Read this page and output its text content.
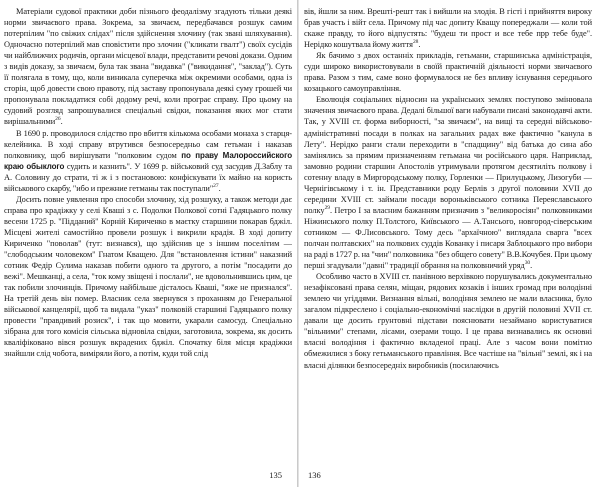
Матеріали судової практики доби пізнього феодалізму згадують тільки деякі норми звичаєвого права. Зокрема, за звичаєм, передбачався розшук самим потерпілим "по свіжих слідах" після здійснення злочину (так звані шляхування). Одночасно потерпілий мав сповістити про злочин ("кликати гвалт") своїх сусідів чи найближчих родичів, органи місцевої влади, представити речові докази. Одним з видів доказу, за звичаєм, була так звана "видавка" ("викидання", "заклад"). Суть її полягала в тому, що, коли виникала суперечка між окремими особами, одна із сторін, щоб довести свою правоту, під заставу пропонувала деякі суму грошей чи пропонувала покладатися собі додому речі, коли програє справу. Про цьому на судовий розгляд запрошувалися спеціальні свідки, показання яких мог стати вирішальними$^{26}$.

В 1690 р. проводилося слідство про вбиття кількома особами монаха з старця-келейника. В ході справу втрутився безпосередньо сам гетьман і наказав полковнику, щоб вирішувати "полковим судом по праву Малороссийского краю обыклого судить и казнить". У 1699 р. військовий суд засудив Д.Заблу та А. Соловину до страти, ті ж і з постановою: конфіскувати їх майно на користь військового скарбу, "ибо и прежние гетманы так поступали"$^{27}$.

Досить повне уявлення про способи злочину, хід розшуку, а також методи дає справа про крадіжку у селі Кваші з с. Подолки Полкової сотні Гадяцького полку весени 1725 р. "Підданий" Корній Кириченко в маєтку старшини покарав бджіл. Місцеві жителі самостійно провели розшук і викрили крадія. В ході допиту Кириченко "поволав" (тут: визнався), що здійснив це з іншим поселітим — "слободським чоловеком" Гнатом Кващею. Для "встановлення істини" наказний сотник Федір Сулима наказав побити одного та другого, а потім "посадити до вежі". Мешканці, а села, "ток кому звіщені і послали", не вдовольнившись цим, це так побили злочинців. Причому найбільше дісталось Кваші, "яже не признался". На третій день він помер. Власник села звернувся з проханням до Генеральної військової канцелярії, щоб та видала "указ" полковій старшині Гадяцького полку провести "правдивий розиск", і так що мовити, укарали самосуд. Спеціально зібрана для того комісія сільська відновіла свідки, заготовила, зокрема, як досить кваліфіковано вівся розшук вкрадених бджіл. Спочатку біля місця крадіжки знайшли слід чобота, виміряли його, а потім, куди той слід

135

вів, йшли за ним. Врешті-решт так і вийшли на злодія. В гісті і прийняття вироку брав участь і війт села. Причому під час допиту Кващу попереджали — коли той скаже правду, то його відпустять: "будеш ти прост и все тебе прр тебе буде". Нерідко кошутвала йому життя$^{28}$.

Як бачимо з двох останніх прикладів, гетьмани, старшинська адміністрація, суди широко використовували в своїй практичній діяльності норми звичаєвого права. Разом з тим, саме воно формувалося не без впливу існування середнього козацького самоуправління.

Еволюція соціальних відносин на українських землях поступово змінювала значення звичаєвого права. Дедалі більшої ваги набували писані законодавчі акти. Так, у XVIII ст. форма виборності, "за звичаєм", на вищі та середні військово-адміністративні посади в полках на загальних радах вже фактично "канула в Лету". Нерідко ранги стали переходити в "спадщину" від батька до сина або замінялись за прямим призначенням гетьмана чи російського царя. Наприклад, замовно родини старшин Апостолів утримували протягом десятиліть полкову і сотенну владу в Миргородському полку, Горленки — Прилуцькому, Лизогуби — Чернігівському і т. ін. Представники роду Берлів з другої половини XVII до середини XVIII ст. займали посади вороньківського сотника Переяславського полку$^{29}$. Петро I за власним бажанням призначив з "великоросіян" полковниками Ніжинського полку П.Толстого, Київського — А.Тансього, новгород-сіверським сотником — Ф.Лисовського. Тому десь "архаїчною" виглядала сварга "всех полчан полтавских" на полкових суддів Кованку і писаря Заблоцького про вибори на раді в 1727 р. на "чин" полковника "без общего совету" В.В.Кочубея. При цьому перші згадували "давні" традиції обрання на полковничий уряд$^{30}$.

Особливо часто в XVIII ст. панівною верхівкою порушувались документально незафіксовані права селян, міщан, рядових козаків і інших громад при володінні землею чи угіддями. Визнання вільні, володіння землею не мали власника, було загалом підкреслено і соціально-економічні наслідки в другій половині XVII ст. давали ще досить грунтовні підстави пояснювати незаймано користуватися "вільними" степами, лісами, озерами тощо. І це права визнавались як основні власні володіння і фактично вкладеної праці. Але з часом вони помітно обмежилися з боку гетьманського правління. Все частіше на "вільні" землі, як і на власні ділянки безпосередніх виробників (посилаючись

136
